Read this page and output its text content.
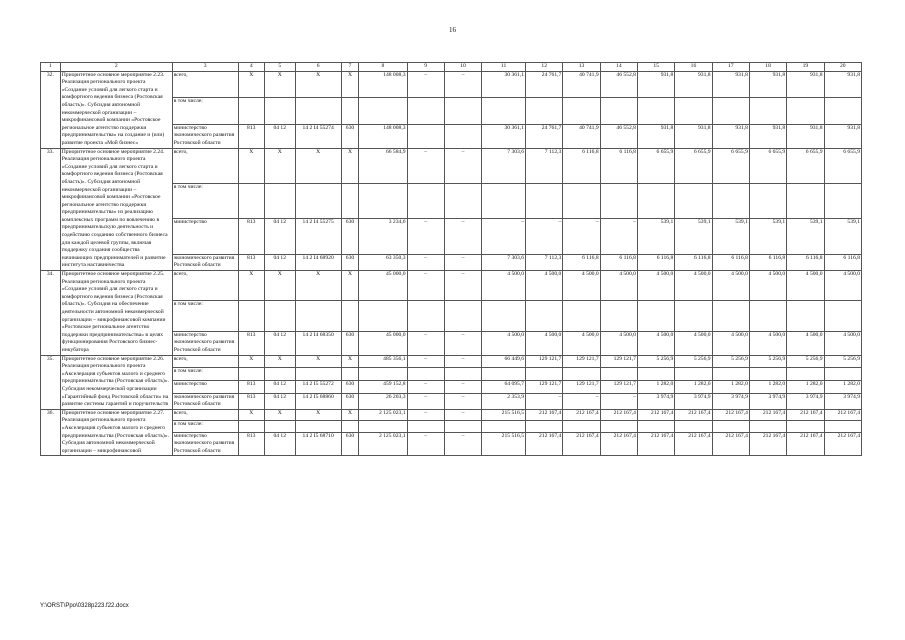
16
1	2	3	4	5	6	7	8	9	10	11	12	13	14	15	16	17	18	19	20
32.	Приоритетное основное мероприятие 2.23. Реализация регионального проекта «Создание условий для легкого старта и комфортного ведения бизнеса (Ростовская область)». Субсидия автономной некоммерческой организации – микрофинансовой компании «Ростовское региональное агентство поддержки предпринимательства» на создание и (или) развитие проекта «Мой бизнес»	всего,	X	X	X	X	148 008,3	–	–	30 361,1	24 761,7	40 741,9	46 552,8	931,8	931,8	931,8	931,8	931,8	931,8
		в том числе:																	
		министерство экономического развития Ростовской области	813	04 12	14 2 I4 55274	630	148 008,3			30 361,1	24 761,7	40 741,9	46 552,8	931,8	931,8	931,8	931,8	931,8	931,8
33.	Приоритетное основное мероприятие 2.24. Реализация регионального проекта «Создание условий для легкого старта и комфортного ведения бизнеса (Ростовская область)». Субсидия автономной некоммерческой организации – микрофинансовой компании «Ростовское региональное агентство поддержки предпринимательства» из реализацию комплексных программ по вовлечению в предпринимательскую деятельность и содействию созданию собственного бизнеса для каждой целевой группы, включая поддержку создания сообщества начинающих предпринимателей и развитие института наставничества	всего,	X	X	X	X	66 584,9	–	–	7 303,6	7 112,3	6 116,8	6 116,8	6 655,9	6 655,9	6 655,9	6 655,9	6 655,9	6 655,9
		в том числе:																	
		министерство	813	04 12	14 2 I4 55275	630	3 234,6	–	–	–	–	–	–	539,1	539,1	539,1	539,1	539,1	539,1
		экономического развития Ростовской области	813	04 12	14 2 I4 68920	630	63 350,3	–	–	7 303,6	7 112,3	6 116,8	6 116,8	6 116,8	6 116,8	6 116,8	6 116,8	6 116,8	6 116,8
34.	Приоритетное основное мероприятие 2.25. Реализация регионального проекта «Создание условий для легкого старта и комфортного ведения бизнеса (Ростовская область)». Субсидия на обеспечение деятельности автономной некоммерческой организации – микрофинансовой компании «Ростовское региональное агентство поддержки предпринимательства» в целях функционирования Ростовского бизнес-инкубатора	всего,	X	X	X	X	45 000,0	–	–	4 500,0	4 500,0	4 500,0	4 500,0	4 500,0	4 500,0	4 500,0	4 500,0	4 500,0	4 500,0
		в том числе:																	
		министерство экономического развития Ростовской области	813	04 12	14 2 I4 68350	630	45 000,0	–	–	4 500,0	4 500,0	4 500,0	4 500,0	4 500,0	4 500,0	4 500,0	4 500,0	4 500,0	4 500,0
35.	Приоритетное основное мероприятие 2.26. Реализация регионального проекта «Акселерация субъектов малого и среднего предпринимательства (Ростовская область)». Субсидия некоммерческой организации «Гарантийный фонд Ростовской области» на развитие системы гарантий и поручительств	всего,	X	X	X	X	485 356,1	–	–	66 449,6	129 121,7	129 121,7	129 121,7	5 256,9	5 256,9	5 256,9	5 256,9	5 256,9	5 256,9
		в том числе:																	
		министерство	813	04 12	14 2 I5 55272	630	459 152,8	–	–	64 095,7	129 121,7	129 121,7	129 121,7	1 282,0	1 282,0	1 282,0	1 282,0	1 282,0	1 282,0
		экономического развития Ростовской области	813	04 12	14 2 I5 68860	630	26 203,3	–	–	2 353,9	–	–	–	3 974,9	3 974,9	3 974,9	3 974,9	3 974,9	3 974,9
36.	Приоритетное основное мероприятие 2.27. Реализация регионального проекта «Акселерация субъектов малого и среднего предпринимательства (Ростовская область)». Субсидия автономной некоммерческой организации – микрофинансовой	всего,	X	X	X	X	2 125 023,1	–	–	215 516,5	212 167,4	212 167,4	212 167,4	212 167,4	212 167,4	212 167,4	212 167,4	212 167,4	212 167,4
		в том числе:																	
		министерство экономического развития Ростовской области	813	04 12	14 2 I5 68710	630	2 125 023,1	–	–	215 516,5	212 167,4	212 167,4	212 167,4	212 167,4	212 167,4	212 167,4	212 167,4	212 167,4	212 167,4
Y:\ORST\Ppo\0328p223.f22.docx
